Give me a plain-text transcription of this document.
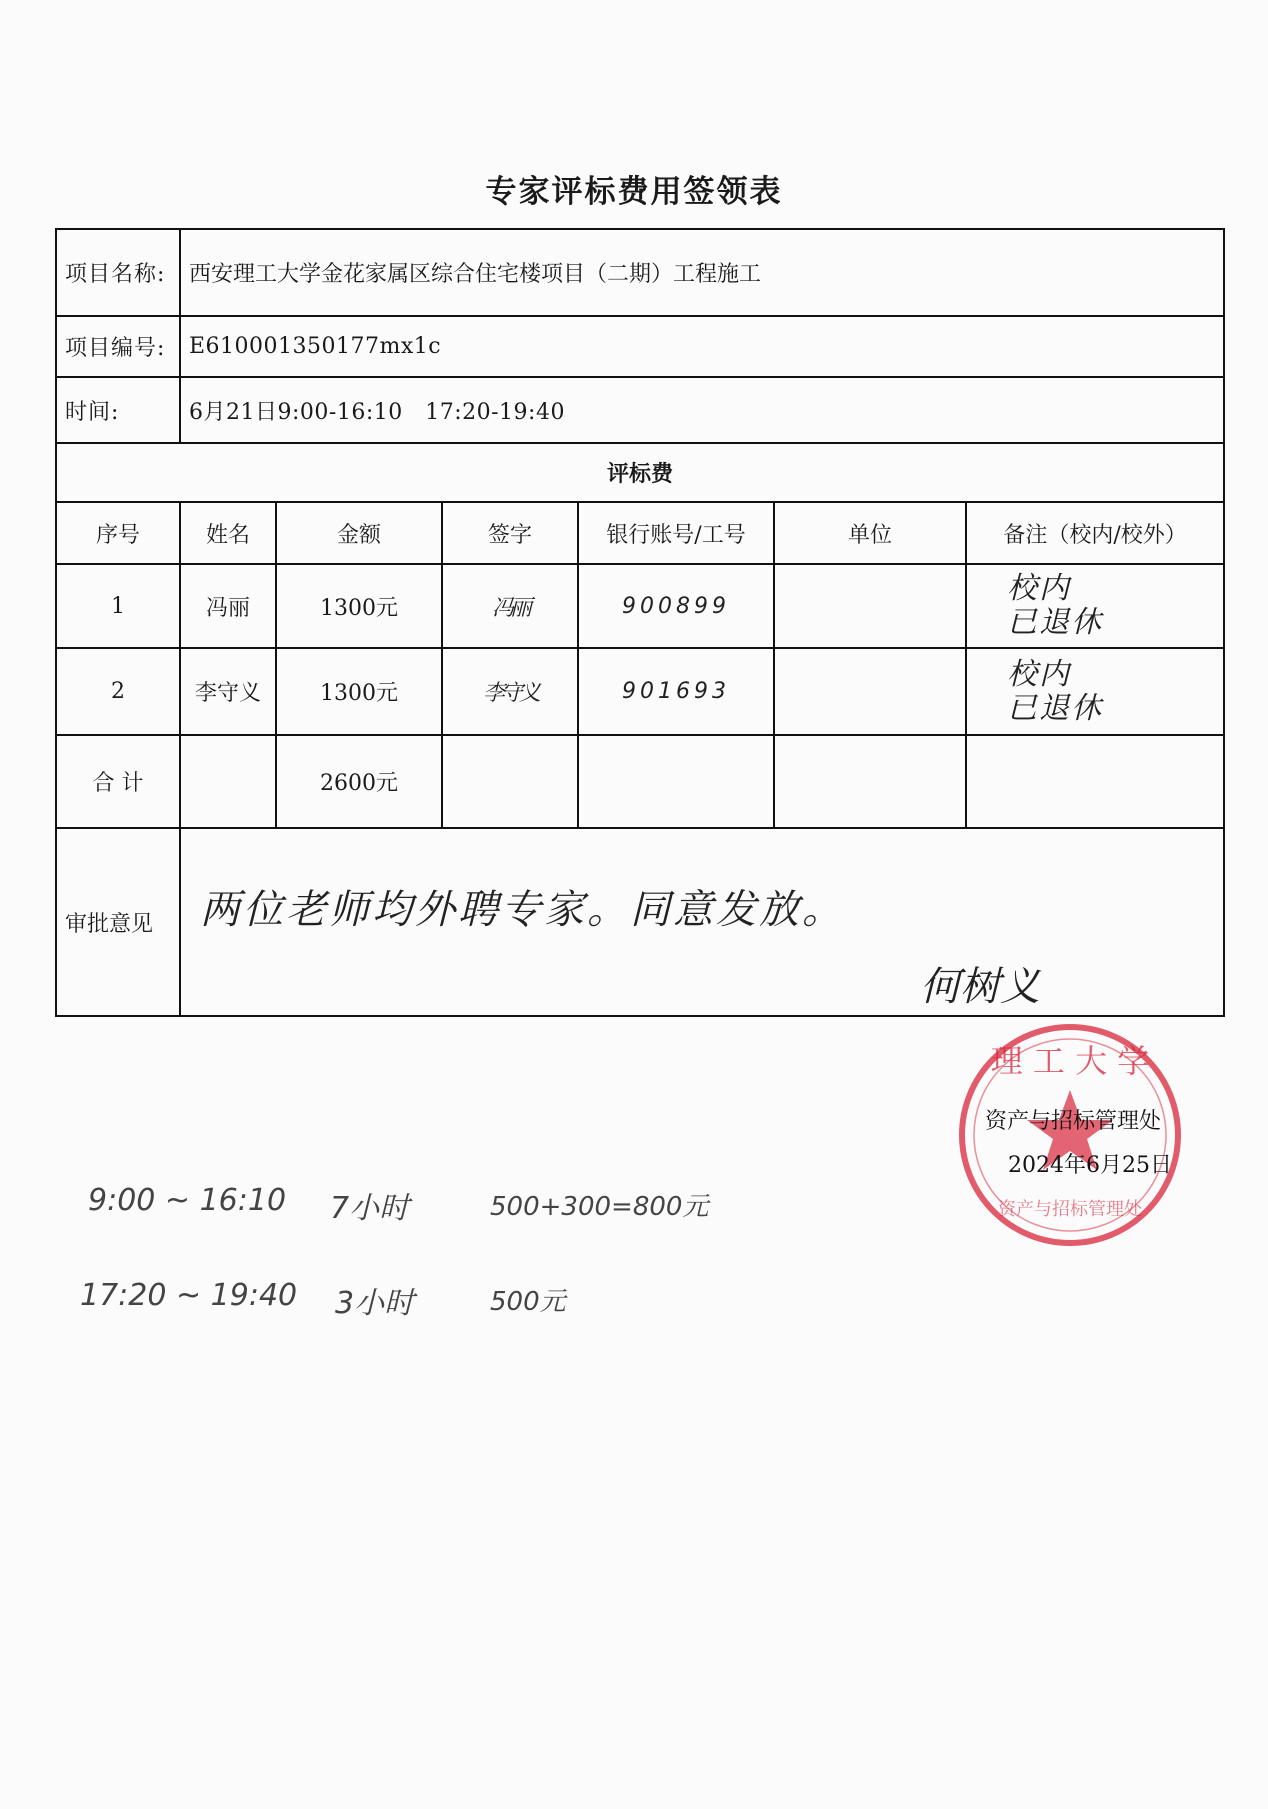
专家评标费用签领表
项目名称:	西安理工大学金花家属区综合住宅楼项目（二期）工程施工					
项目编号:	E610001350177mx1c					
时间:	6月21日9:00-16:10   17:20-19:40					
评标费						
序号	姓名	金额	签字	银行账号/工号	单位	备注（校内/校外）
1	冯丽	1300元	冯丽	900899		校内
已退休

2	李守义	1300元	李守义	901693		校内
已退休

合 计		2600元				
审批意见						两位老师均外聘专家。同意发放。
何树义
理 工 大 学
资产与招标管理处
资产与招标管理处
2024年6月25日
9:00 ~ 16:10 7小时	500+300=800元
17:20 ~ 19:40 3小时	500元
